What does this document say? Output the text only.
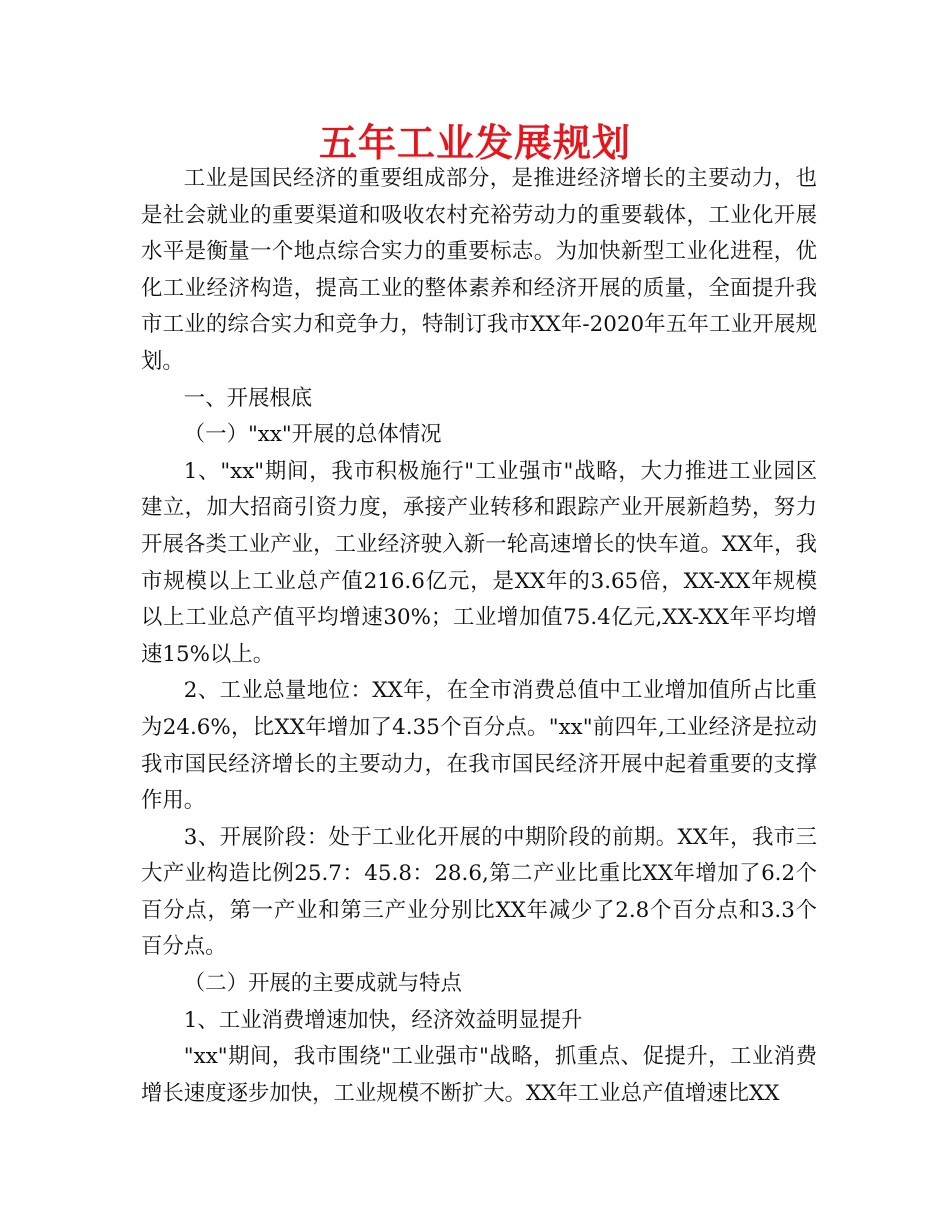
五年工业发展规划

工业是国民经济的重要组成部分，是推进经济增长的主要动力，也是社会就业的重要渠道和吸收农村充裕劳动力的重要载体，工业化开展水平是衡量一个地点综合实力的重要标志。为加快新型工业化进程，优化工业经济构造，提高工业的整体素养和经济开展的质量，全面提升我市工业的综合实力和竞争力，特制订我市XX年-2020年五年工业开展规划。

一、开展根底

（一）"xx"开展的总体情况

1、"xx"期间，我市积极施行"工业强市"战略，大力推进工业园区建立，加大招商引资力度，承接产业转移和跟踪产业开展新趋势，努力开展各类工业产业，工业经济驶入新一轮高速增长的快车道。XX年，我市规模以上工业总产值216.6亿元，是XX年的3.65倍，XX-XX年规模以上工业总产值平均增速30%；工业增加值75.4亿元,XX-XX年平均增速15%以上。

2、工业总量地位：XX年，在全市消费总值中工业增加值所占比重为24.6%，比XX年增加了4.35个百分点。"xx"前四年,工业经济是拉动我市国民经济增长的主要动力，在我市国民经济开展中起着重要的支撑作用。

3、开展阶段：处于工业化开展的中期阶段的前期。XX年，我市三大产业构造比例25.7：45.8：28.6,第二产业比重比XX年增加了6.2个百分点，第一产业和第三产业分别比XX年减少了2.8个百分点和3.3个百分点。

（二）开展的主要成就与特点

1、工业消费增速加快，经济效益明显提升

"xx"期间，我市围绕"工业强市"战略，抓重点、促提升，工业消费增长速度逐步加快，工业规模不断扩大。XX年工业总产值增速比XX
